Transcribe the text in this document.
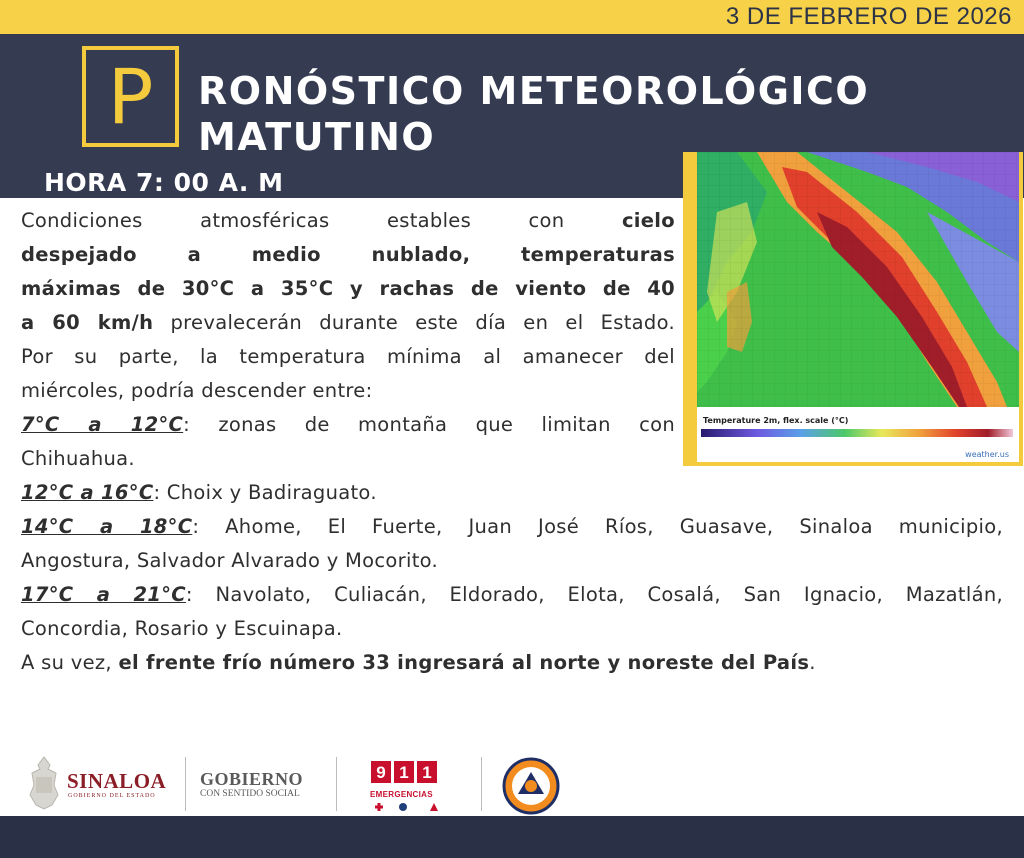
3 DE FEBRERO DE 2026
P RONÓSTICO METEOROLÓGICO
MATUTINO
HORA 7: 00 A. M
Temperature 2m, flex. scale (°C)
weather.us
Condiciones atmosféricas estables con cielo
despejado a medio nublado, temperaturas
máximas de 30°C a 35°C y rachas de viento de 40
a 60 km/h prevalecerán durante este día en el Estado.
Por su parte, la temperatura mínima al amanecer del
miércoles, podría descender entre:
7°C a 12°C: zonas de montaña que limitan con
Chihuahua.
12°C a 16°C: Choix y Badiraguato.
14°C a 18°C: Ahome, El Fuerte, Juan José Ríos, Guasave, Sinaloa municipio,
Angostura, Salvador Alvarado y Mocorito.
17°C a 21°C: Navolato, Culiacán, Eldorado, Elota, Cosalá, San Ignacio, Mazatlán,
Concordia, Rosario y Escuinapa.
A su vez, el frente frío número 33 ingresará al norte y noreste del País.
SINALOA
GOBIERNO DEL ESTADO
GOBIERNO
CON SENTIDO SOCIAL
9 1 1
EMERGENCIAS
